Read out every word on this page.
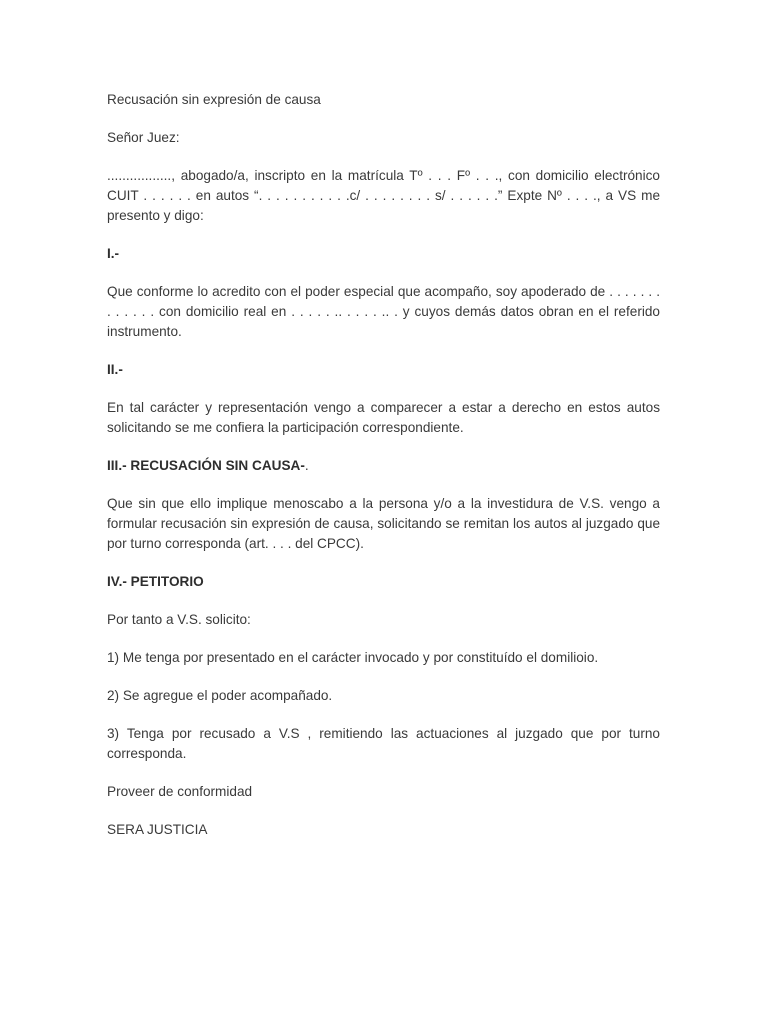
Recusación sin expresión de causa

Señor Juez:

................., abogado/a, inscripto en la matrícula Tº . . . Fº . . ., con domicilio electrónico CUIT . . . . . . en autos “. . . . . . . . . . .c/ . . . . . . . . s/ . . . . . .” Expte Nº . . . ., a VS me presento y digo:

I.-

Que conforme lo acredito con el poder especial que acompaño, soy apoderado de . . . . . . . . . . . . . con domicilio real en . . . . . .. . . . . .. . y cuyos demás datos obran en el referido instrumento.

II.-

En tal carácter y representación vengo a comparecer a estar a derecho en estos autos solicitando se me confiera la participación correspondiente.

III.- RECUSACIÓN SIN CAUSA-.

Que sin que ello implique menoscabo a la persona y/o a la investidura de V.S. vengo a formular recusación sin expresión de causa, solicitando se remitan los autos al juzgado que por turno corresponda (art. . . . del CPCC).

IV.- PETITORIO

Por tanto a V.S. solicito:

1) Me tenga por presentado en el carácter invocado y por constituído el domilioio.

2) Se agregue el poder acompañado.

3) Tenga por recusado a V.S , remitiendo las actuaciones al juzgado que por turno corresponda.

Proveer de conformidad

SERA JUSTICIA
